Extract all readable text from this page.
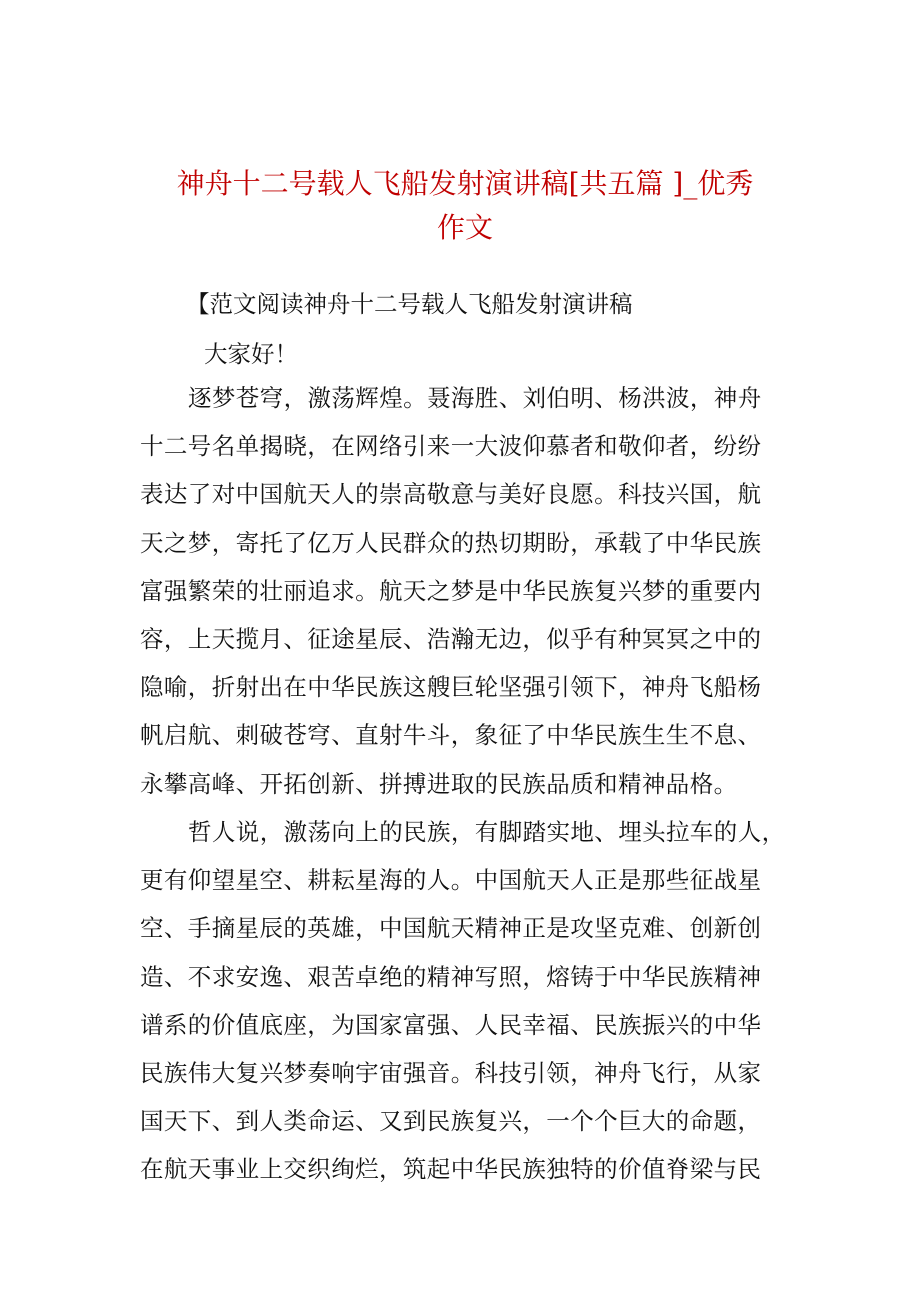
神舟十二号载人飞船发射演讲稿[共五篇 ]_优秀
作文

【范文阅读神舟十二号载人飞船发射演讲稿

大家好！

逐梦苍穹，激荡辉煌。聂海胜、刘伯明、杨洪波，神舟
十二号名单揭晓，在网络引来一大波仰慕者和敬仰者，纷纷
表达了对中国航天人的崇高敬意与美好良愿。科技兴国，航
天之梦，寄托了亿万人民群众的热切期盼，承载了中华民族
富强繁荣的壮丽追求。航天之梦是中华民族复兴梦的重要内
容，上天揽月、征途星辰、浩瀚无边，似乎有种冥冥之中的
隐喻，折射出在中华民族这艘巨轮坚强引领下，神舟飞船杨
帆启航、刺破苍穹、直射牛斗，象征了中华民族生生不息、
永攀高峰、开拓创新、拼搏进取的民族品质和精神品格。
哲人说，激荡向上的民族，有脚踏实地、埋头拉车的人，
更有仰望星空、耕耘星海的人。中国航天人正是那些征战星
空、手摘星辰的英雄，中国航天精神正是攻坚克难、创新创
造、不求安逸、艰苦卓绝的精神写照，熔铸于中华民族精神
谱系的价值底座，为国家富强、人民幸福、民族振兴的中华
民族伟大复兴梦奏响宇宙强音。科技引领，神舟飞行，从家
国天下、到人类命运、又到民族复兴，一个个巨大的命题，
在航天事业上交织绚烂，筑起中华民族独特的价值脊梁与民
